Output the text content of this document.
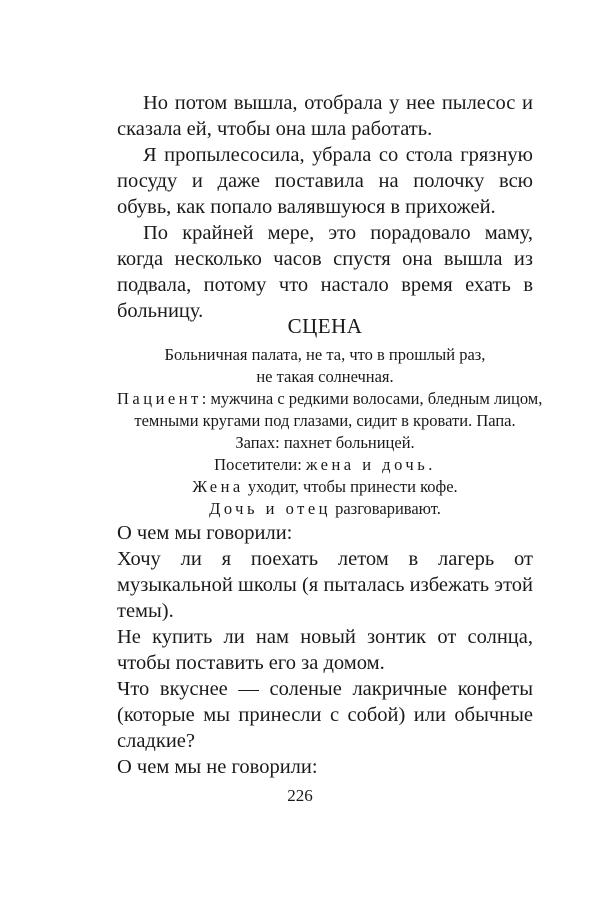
Но потом вышла, отобрала у нее пылесос и сказала ей, чтобы она шла работать.

Я пропылесосила, убрала со стола грязную посуду и даже поставила на полочку всю обувь, как попало валявшуюся в прихожей.

По крайней мере, это порадовало маму, когда несколько часов спустя она вышла из подвала, потому что настало время ехать в больницу.

СЦЕНА
Больничная палата, не та, что в прошлый раз,
не такая солнечная.
Пациент: мужчина с редкими волосами, бледным лицом,
темными кругами под глазами, сидит в кровати. Папа.
Запах: пахнет больницей.
Посетители: жена и дочь.
Жена уходит, чтобы принести кофе.
Дочь и отец разговаривают.

О чем мы говорили:

Хочу ли я поехать летом в лагерь от музыкальной школы (я пыталась избежать этой темы).

Не купить ли нам новый зонтик от солнца, чтобы поставить его за домом.

Что вкуснее — соленые лакричные конфеты (которые мы принесли с собой) или обычные сладкие?

О чем мы не говорили:

226
